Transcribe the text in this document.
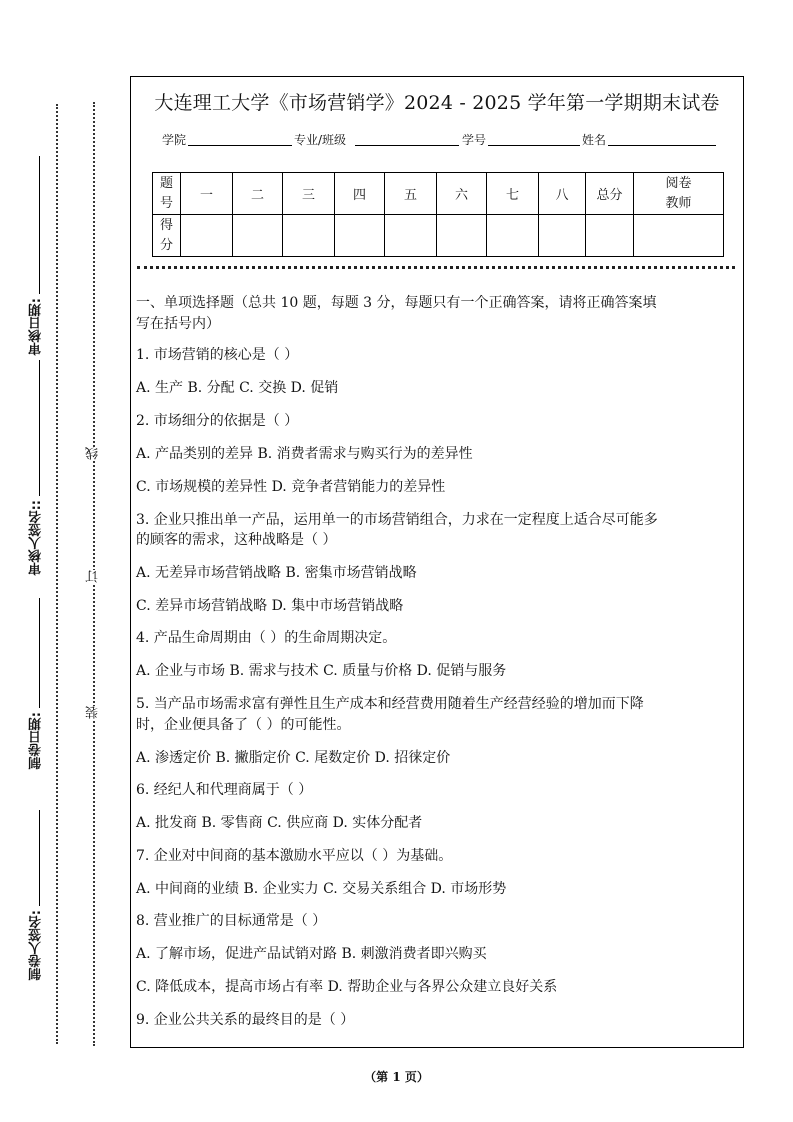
审核日期:
审核人签名::
制卷日期:
制卷人签名:
线
订
装
大连理工大学《市场营销学》2024 - 2025 学年第一学期期末试卷
学院	专业/班级	学号	姓名
题
号	一	二	三	四	五	六	七	八	总分	阅卷
教师
得
分										
一、单项选择题（总共 10 题，每题 3 分，每题只有一个正确答案，请将正确答案填
写在括号内）
1. 市场营销的核心是（ ）
A. 生产 B. 分配 C. 交换 D. 促销
2. 市场细分的依据是（ ）
A. 产品类别的差异 B. 消费者需求与购买行为的差异性
C. 市场规模的差异性 D. 竞争者营销能力的差异性
3. 企业只推出单一产品，运用单一的市场营销组合，力求在一定程度上适合尽可能多
的顾客的需求，这种战略是（ ）
A. 无差异市场营销战略 B. 密集市场营销战略
C. 差异市场营销战略 D. 集中市场营销战略
4. 产品生命周期由（ ）的生命周期决定。
A. 企业与市场 B. 需求与技术 C. 质量与价格 D. 促销与服务
5. 当产品市场需求富有弹性且生产成本和经营费用随着生产经营经验的增加而下降
时，企业便具备了（ ）的可能性。
A. 渗透定价 B. 撇脂定价 C. 尾数定价 D. 招徕定价
6. 经纪人和代理商属于（ ）
A. 批发商 B. 零售商 C. 供应商 D. 实体分配者
7. 企业对中间商的基本激励水平应以（ ）为基础。
A. 中间商的业绩 B. 企业实力 C. 交易关系组合 D. 市场形势
8. 营业推广的目标通常是（ ）
A. 了解市场，促进产品试销对路 B. 刺激消费者即兴购买
C. 降低成本，提高市场占有率 D. 帮助企业与各界公众建立良好关系
9. 企业公共关系的最终目的是（ ）
（第 1 页）
